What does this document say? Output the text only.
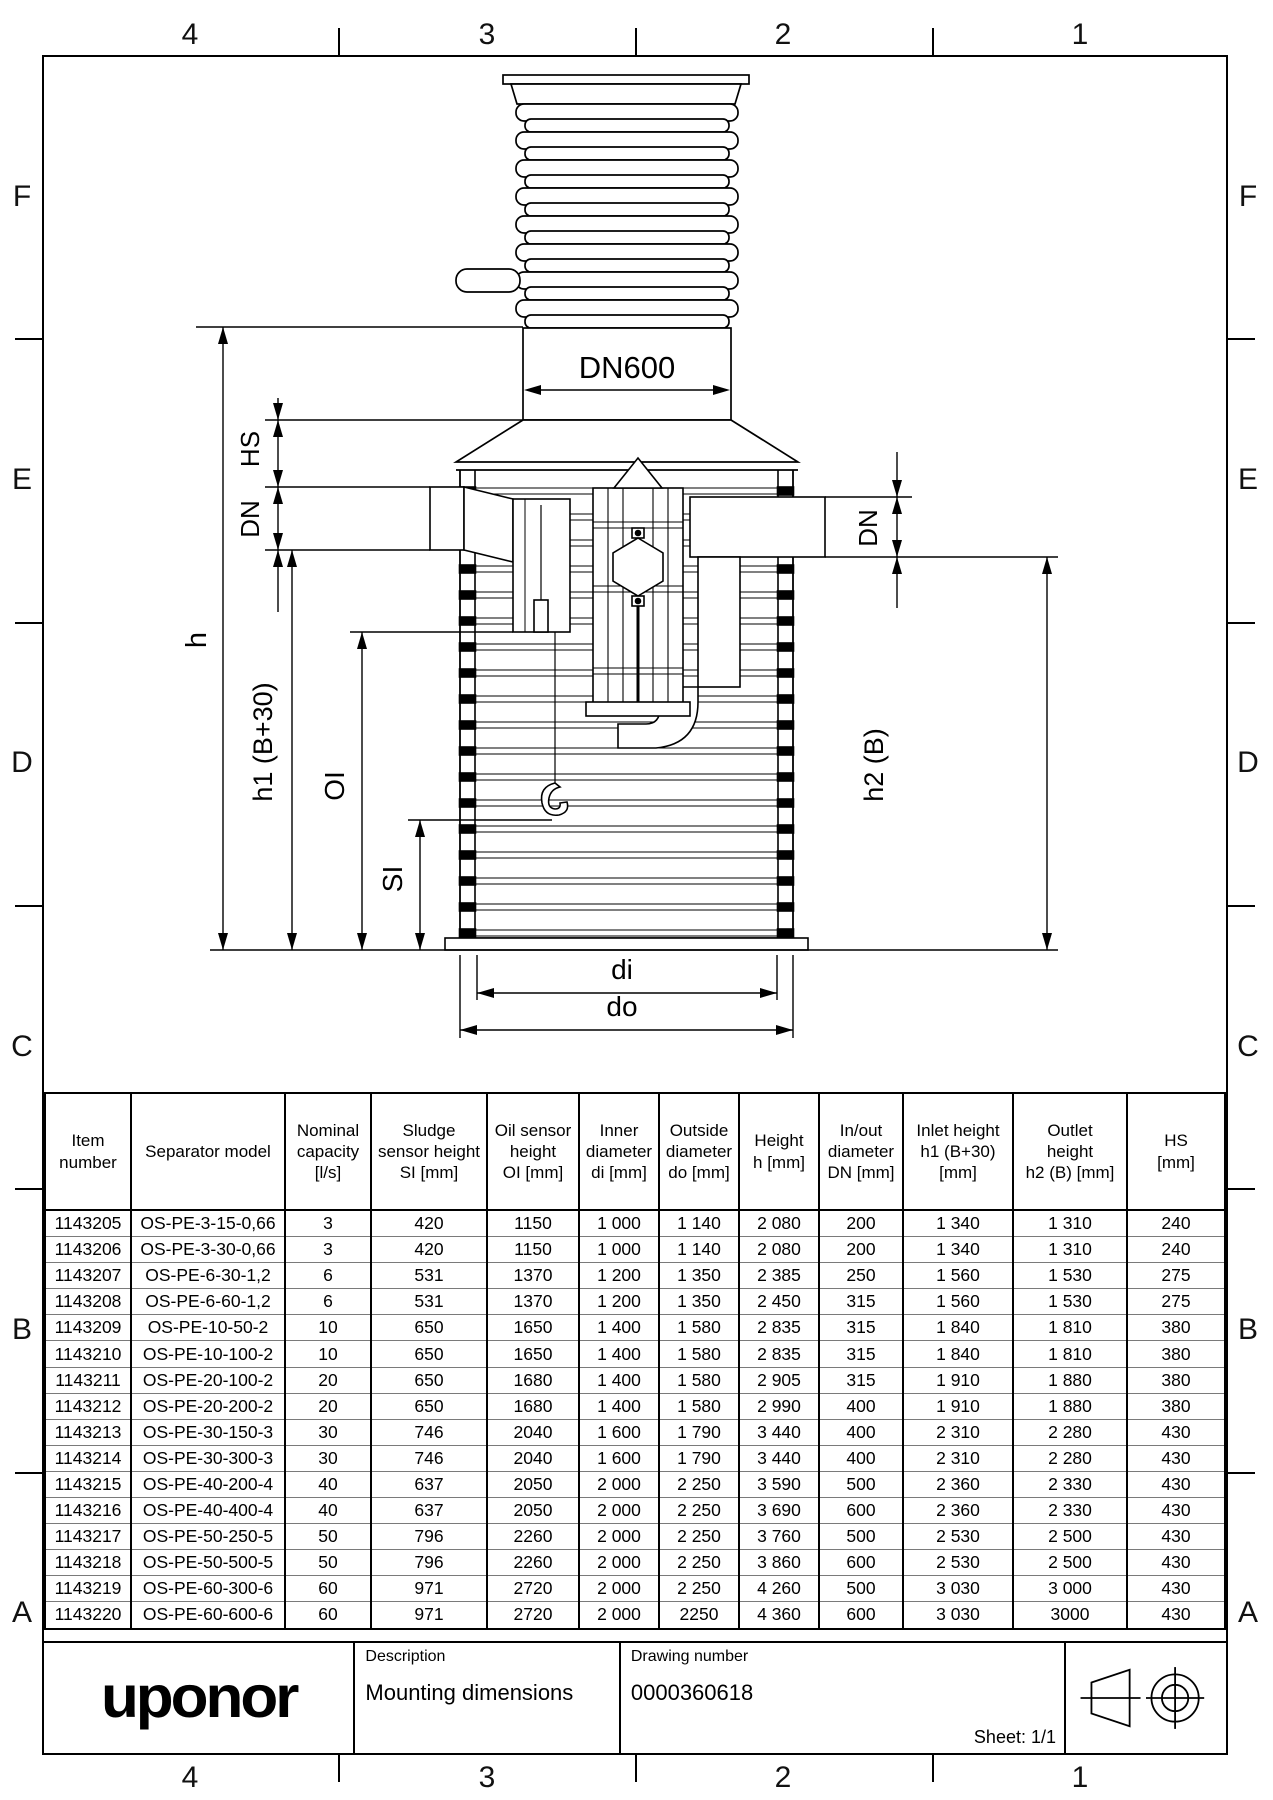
4
4
3
3
2
2
1
1
F	F
E	E
D	D
C	C
B	B
A	A
DN600
h
h1 (B+30) OI
SI
HS
DN	DN
h2 (B)
di
do
Item
number

Separator model

Nominal
capacity
[l/s]

Sludge
sensor height
SI [mm]

Oil sensor
height
OI [mm]

Inner
diameter
di [mm]

Outside
diameter
do [mm]

Height
h [mm]

In/out
diameter
DN [mm]

Inlet height
h1 (B+30)
[mm]

Outlet
height
h2 (B) [mm]

HS
[mm]

1143205	OS-PE-3-15-0,66	3	420	1150	1 000	1 140	2 080	200	1 340	1 310	240
1143206	OS-PE-3-30-0,66	3	420	1150	1 000	1 140	2 080	200	1 340	1 310	240
1143207	OS-PE-6-30-1,2	6	531	1370	1 200	1 350	2 385	250	1 560	1 530	275
1143208	OS-PE-6-60-1,2	6	531	1370	1 200	1 350	2 450	315	1 560	1 530	275
1143209	OS-PE-10-50-2	10	650	1650	1 400	1 580	2 835	315	1 840	1 810	380
1143210	OS-PE-10-100-2	10	650	1650	1 400	1 580	2 835	315	1 840	1 810	380
1143211	OS-PE-20-100-2	20	650	1680	1 400	1 580	2 905	315	1 910	1 880	380
1143212	OS-PE-20-200-2	20	650	1680	1 400	1 580	2 990	400	1 910	1 880	380
1143213	OS-PE-30-150-3	30	746	2040	1 600	1 790	3 440	400	2 310	2 280	430
1143214	OS-PE-30-300-3	30	746	2040	1 600	1 790	3 440	400	2 310	2 280	430
1143215	OS-PE-40-200-4	40	637	2050	2 000	2 250	3 590	500	2 360	2 330	430
1143216	OS-PE-40-400-4	40	637	2050	2 000	2 250	3 690	600	2 360	2 330	430
1143217	OS-PE-50-250-5	50	796	2260	2 000	2 250	3 760	500	2 530	2 500	430
1143218	OS-PE-50-500-5	50	796	2260	2 000	2 250	3 860	600	2 530	2 500	430
1143219	OS-PE-60-300-6	60	971	2720	2 000	2 250	4 260	500	3 030	3 000	430
1143220	OS-PE-60-600-6	60	971	2720	2 000	2250	4 360	600	3 030	3000	430
uponor
Description
Mounting dimensions
Drawing number
0000360618
Sheet: 1/1
